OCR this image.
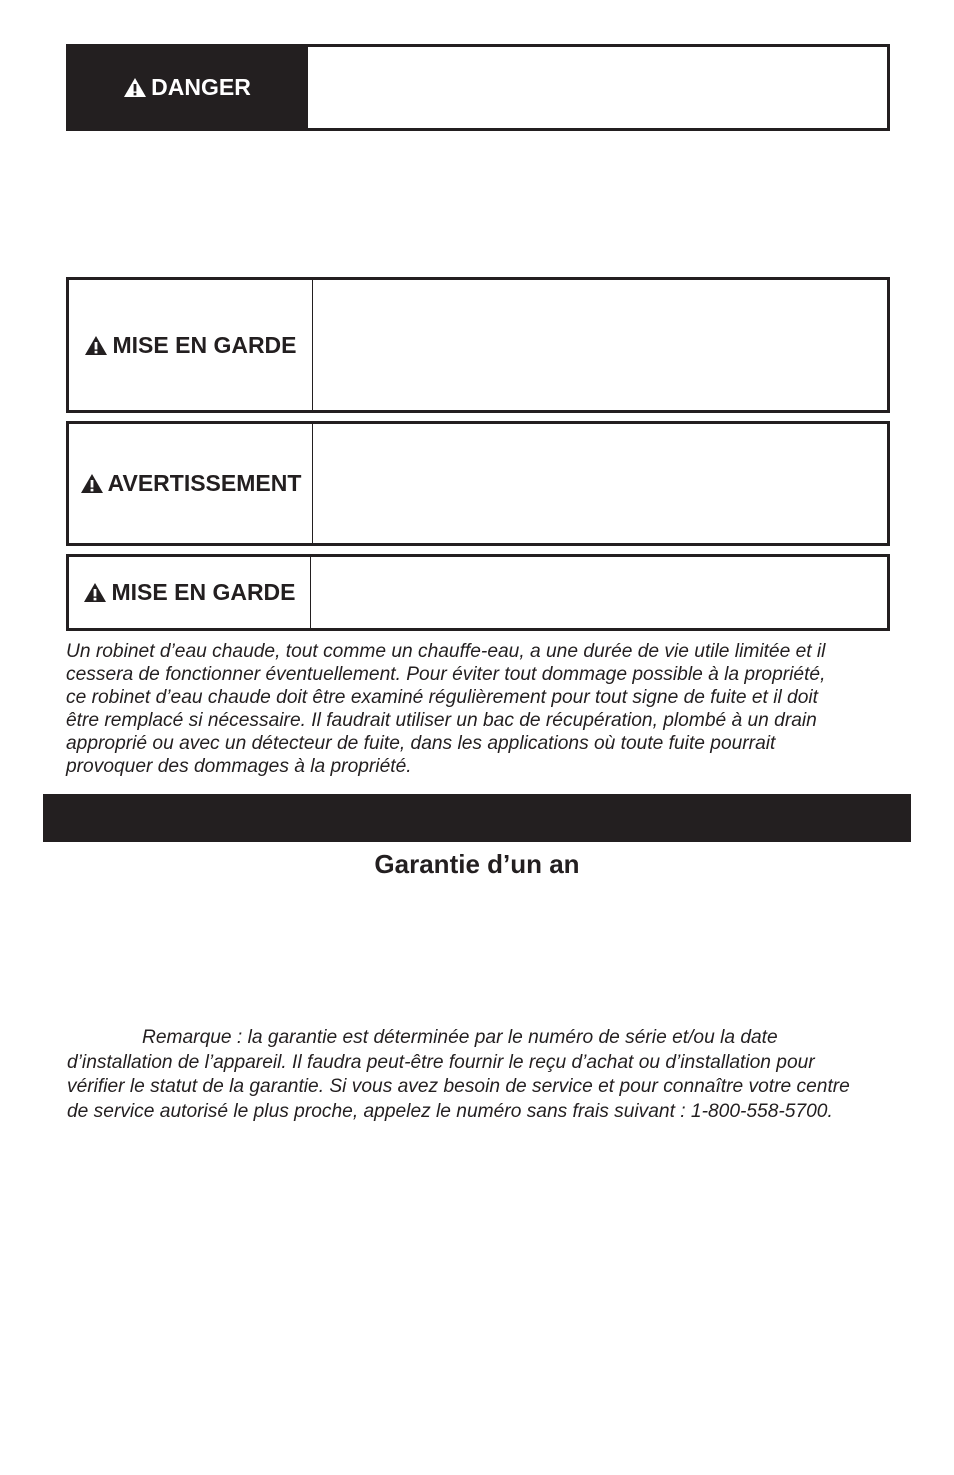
DANGER
MISE EN GARDE
AVERTISSEMENT
MISE EN GARDE

Un robinet d’eau chaude, tout comme un chauffe-eau, a une durée de vie utile limitée et il
cessera de fonctionner éventuellement. Pour éviter tout dommage possible à la propriété,
ce robinet d’eau chaude doit être examiné régulièrement pour tout signe de fuite et il doit
être remplacé si nécessaire. Il faudrait utiliser un bac de récupération, plombé à un drain
approprié ou avec un détecteur de fuite, dans les applications où toute fuite pourrait
provoquer des dommages à la propriété.

Garantie d’un an

Remarque : la garantie est déterminée par le numéro de série et/ou la date
d’installation de l’appareil. Il faudra peut-être fournir le reçu d’achat ou d’installation pour
vérifier le statut de la garantie. Si vous avez besoin de service et pour connaître votre centre
de service autorisé le plus proche, appelez le numéro sans frais suivant : 1-800-558-5700.
